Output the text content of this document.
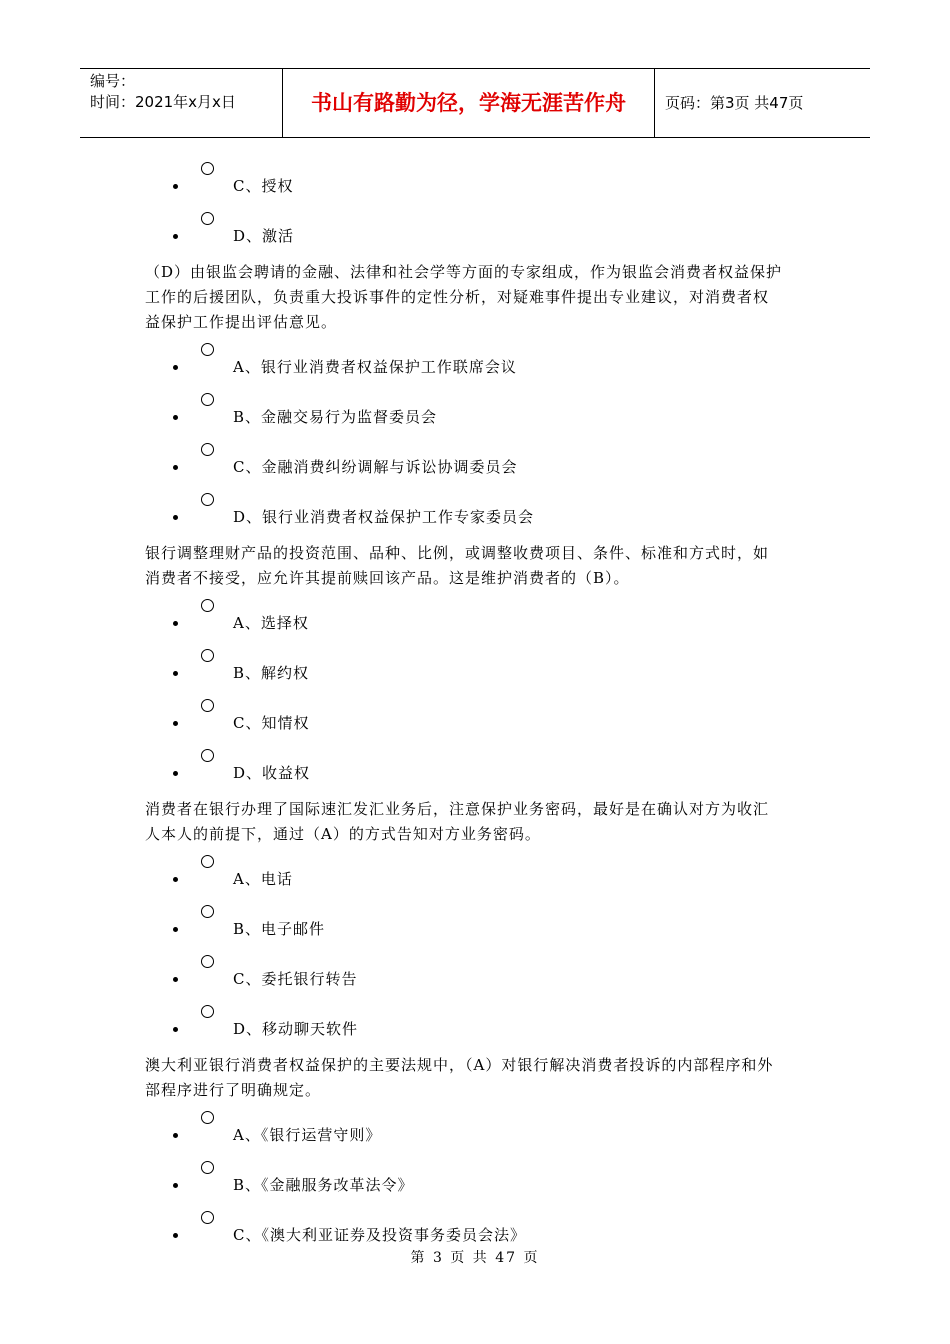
编号：
时间：2021年x月x日	书山有路勤为径，学海无涯苦作舟	页码：第3页 共47页
C、授权
D、激活
（D）由银监会聘请的金融、法律和社会学等方面的专家组成，作为银监会消费者权益保护
工作的后援团队，负责重大投诉事件的定性分析，对疑难事件提出专业建议，对消费者权
益保护工作提出评估意见。
A、银行业消费者权益保护工作联席会议
B、金融交易行为监督委员会
C、金融消费纠纷调解与诉讼协调委员会
D、银行业消费者权益保护工作专家委员会
银行调整理财产品的投资范围、品种、比例，或调整收费项目、条件、标准和方式时，如
消费者不接受，应允许其提前赎回该产品。这是维护消费者的（B）。
A、选择权
B、解约权
C、知情权
D、收益权
消费者在银行办理了国际速汇发汇业务后，注意保护业务密码，最好是在确认对方为收汇
人本人的前提下，通过（A）的方式告知对方业务密码。
A、电话
B、电子邮件
C、委托银行转告
D、移动聊天软件
澳大利亚银行消费者权益保护的主要法规中，（A）对银行解决消费者投诉的内部程序和外
部程序进行了明确规定。
A、《银行运营守则》
B、《金融服务改革法令》
C、《澳大利亚证券及投资事务委员会法》
第 3 页 共 47 页
